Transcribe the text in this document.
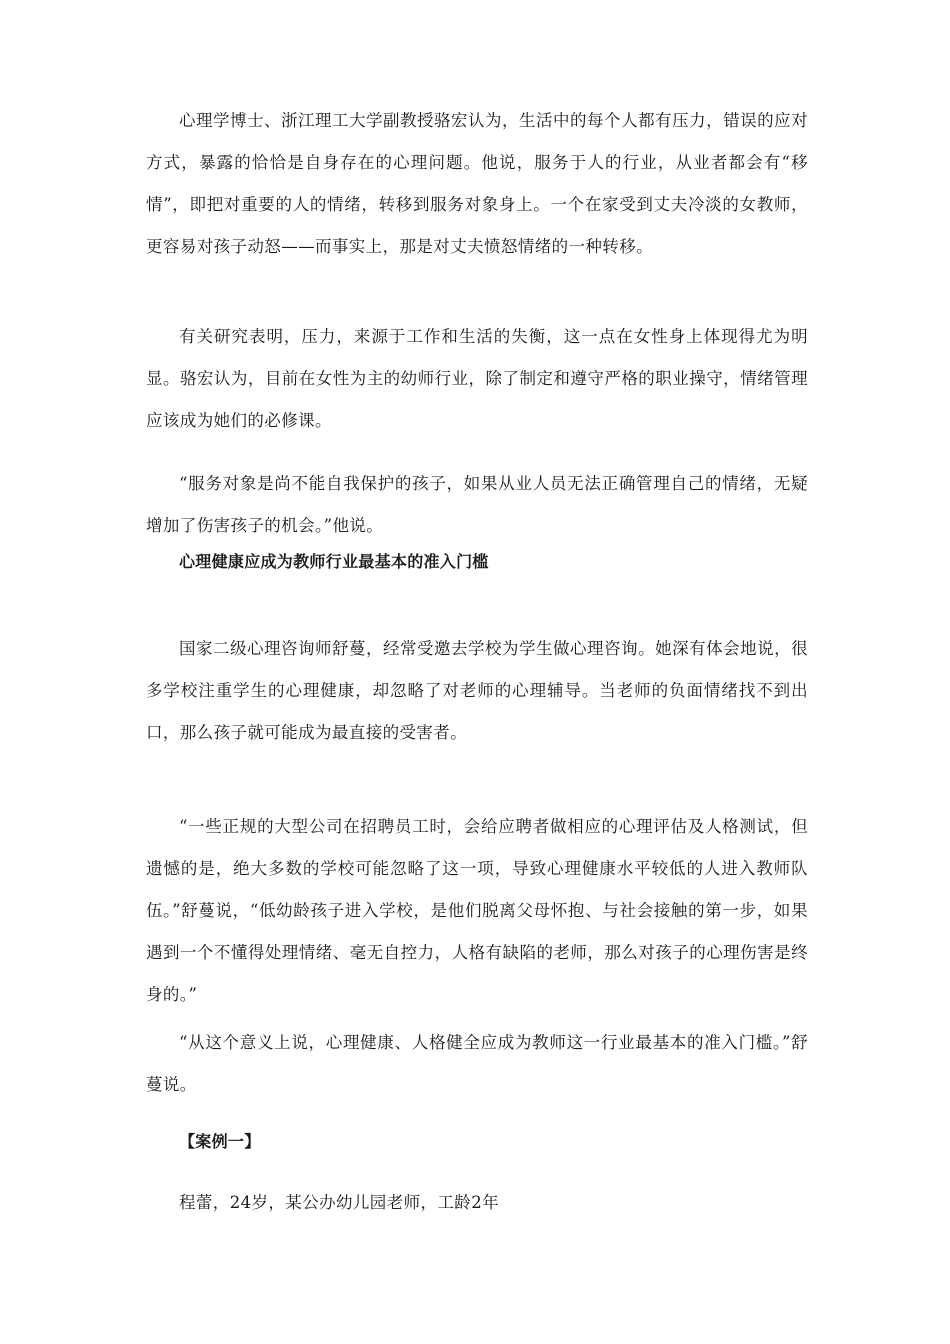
心理学博士、浙江理工大学副教授骆宏认为，生活中的每个人都有压力，错误的应对方式，暴露的恰恰是自身存在的心理问题。他说，服务于人的行业，从业者都会有“移情”，即把对重要的人的情绪，转移到服务对象身上。一个在家受到丈夫冷淡的女教师，更容易对孩子动怒——而事实上，那是对丈夫愤怒情绪的一种转移。

有关研究表明，压力，来源于工作和生活的失衡，这一点在女性身上体现得尤为明显。骆宏认为，目前在女性为主的幼师行业，除了制定和遵守严格的职业操守，情绪管理应该成为她们的必修课。

“服务对象是尚不能自我保护的孩子，如果从业人员无法正确管理自己的情绪，无疑增加了伤害孩子的机会。”他说。

心理健康应成为教师行业最基本的准入门槛

国家二级心理咨询师舒蔓，经常受邀去学校为学生做心理咨询。她深有体会地说，很多学校注重学生的心理健康，却忽略了对老师的心理辅导。当老师的负面情绪找不到出口，那么孩子就可能成为最直接的受害者。

“一些正规的大型公司在招聘员工时，会给应聘者做相应的心理评估及人格测试，但遗憾的是，绝大多数的学校可能忽略了这一项，导致心理健康水平较低的人进入教师队伍。”舒蔓说，“低幼龄孩子进入学校，是他们脱离父母怀抱、与社会接触的第一步，如果遇到一个不懂得处理情绪、毫无自控力，人格有缺陷的老师，那么对孩子的心理伤害是终身的。”

“从这个意义上说，心理健康、人格健全应成为教师这一行业最基本的准入门槛。”舒蔓说。

【案例一】

程蕾，24岁，某公办幼儿园老师，工龄2年
